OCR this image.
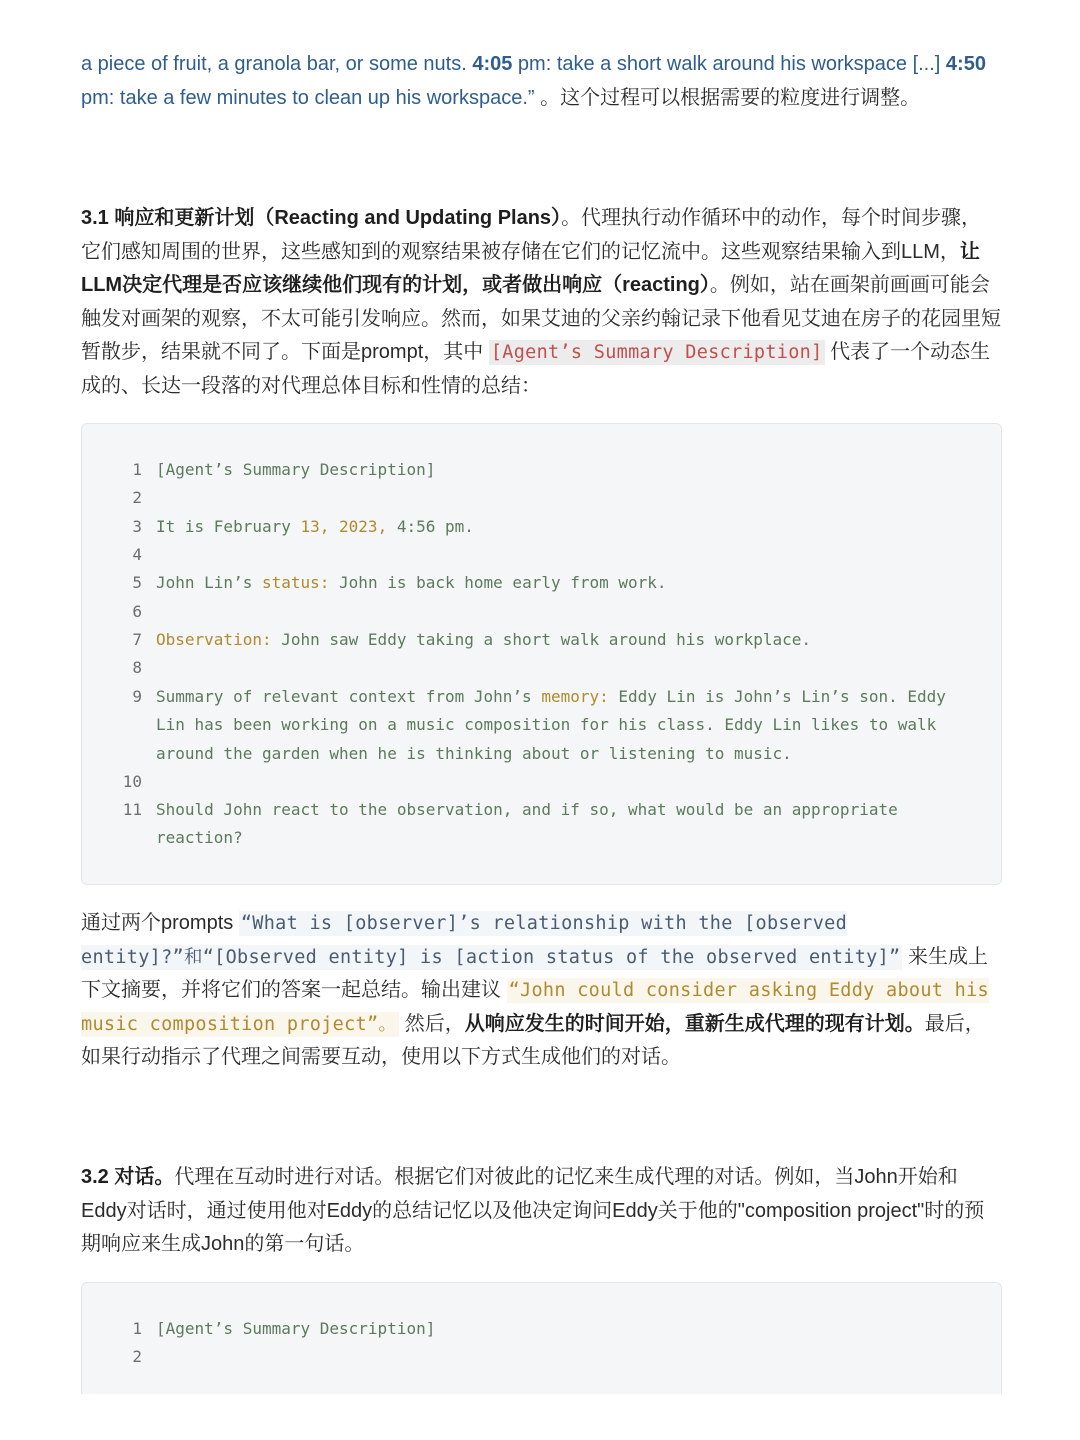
a piece of fruit, a granola bar, or some nuts. 4:05 pm: take a short walk around his workspace [...] 4:50 pm: take a few minutes to clean up his workspace.” 。这个过程可以根据需要的粒度进行调整。

3.1 响应和更新计划（Reacting and Updating Plans）。代理执行动作循环中的动作，每个时间步骤，它们感知周围的世界，这些感知到的观察结果被存储在它们的记忆流中。这些观察结果输入到LLM，让LLM决定代理是否应该继续他们现有的计划，或者做出响应（reacting）。例如，站在画架前画画可能会触发对画架的观察，不太可能引发响应。然而，如果艾迪的父亲约翰记录下他看见艾迪在房子的花园里短暂散步，结果就不同了。下面是prompt，其中 [Agent’s Summary Description] 代表了一个动态生成的、长达一段落的对代理总体目标和性情的总结：

1 [Agent’s Summary Description]
2
3 It is February 13, 2023, 4:56 pm.
4
5 John Lin’s status: John is back home early from work.
6
7 Observation: John saw Eddy taking a short walk around his workplace.
8
9 Summary of relevant context from John’s memory: Eddy Lin is John’s Lin’s son. Eddy Lin has been working on a music composition for his class. Eddy Lin likes to walk around the garden when he is thinking about or listening to music.
10
11 Should John react to the observation, and if so, what would be an appropriate reaction?

通过两个prompts “What is [observer]’s relationship with the [observed entity]?”和“[Observed entity] is [action status of the observed entity]” 来生成上下文摘要，并将它们的答案一起总结。输出建议 “John could consider asking Eddy about his music composition project”。 然后，从响应发生的时间开始，重新生成代理的现有计划。最后，如果行动指示了代理之间需要互动，使用以下方式生成他们的对话。

3.2 对话。代理在互动时进行对话。根据它们对彼此的记忆来生成代理的对话。例如，当John开始和Eddy对话时，通过使用他对Eddy的总结记忆以及他决定询问Eddy关于他的"composition project"时的预期响应来生成John的第一句话。

1 [Agent’s Summary Description]
2
